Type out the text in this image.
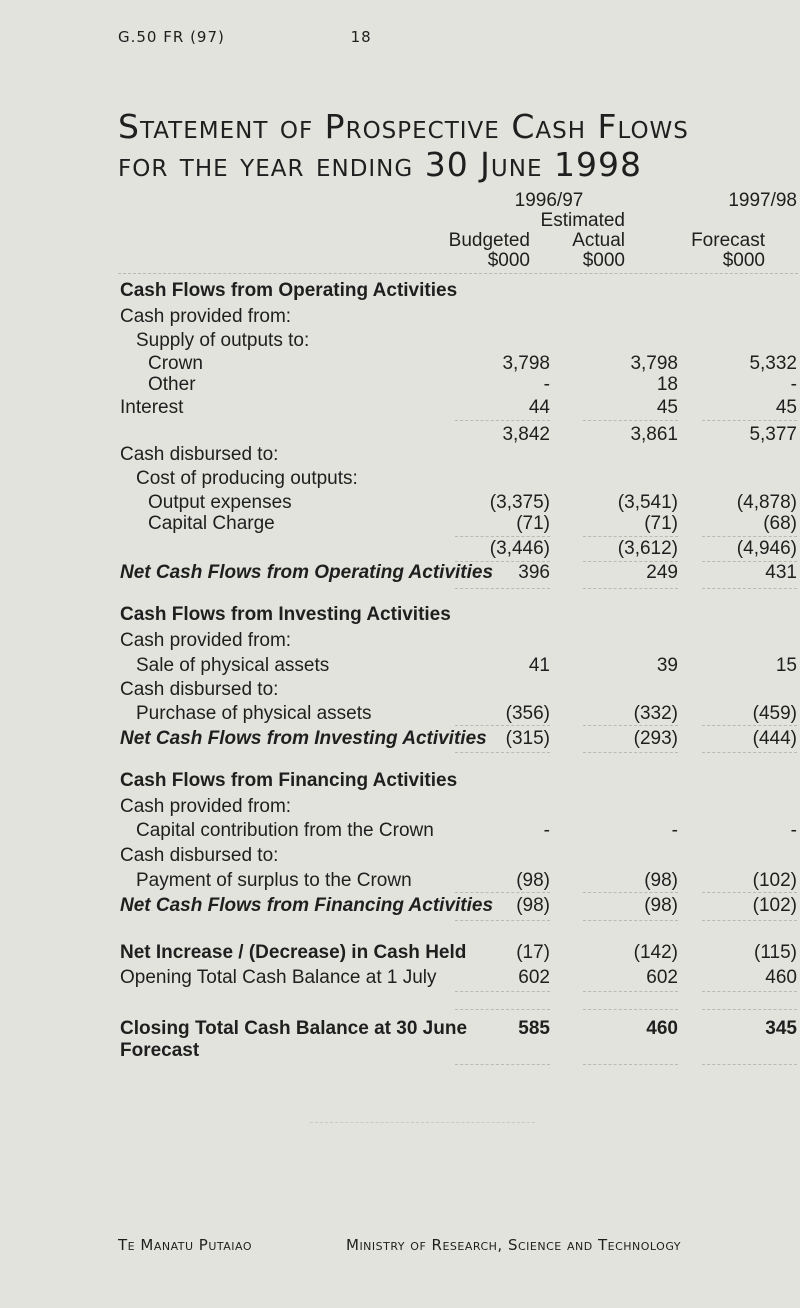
G.50 FR (97)	18
Statement of Prospective Cash Flows
for the year ending 30 June 1998
1996/97	1997/98
Estimated
Budgeted	Actual	Forecast
$000	$000	$000
Cash Flows from Operating Activities
Cash provided from:
Supply of outputs to:
Crown	3,798	3,798	5,332
Other	-	18	-
Interest	44	45	45
3,842	3,861	5,377
Cash disbursed to:
Cost of producing outputs:
Output expenses	(3,375)	(3,541)	(4,878)
Capital Charge	(71)	(71)	(68)
(3,446)	(3,612)	(4,946)
Net Cash Flows from Operating Activities	396	249	431
Cash Flows from Investing Activities
Cash provided from:
Sale of physical assets	41	39	15
Cash disbursed to:
Purchase of physical assets	(356)	(332)	(459)
Net Cash Flows from Investing Activities (315)	(293)	(444)
Cash Flows from Financing Activities
Cash provided from:
Capital contribution from the Crown	-	-	-
Cash disbursed to:
Payment of surplus to the Crown	(98)	(98)	(102)
Net Cash Flows from Financing Activities	(98)	(98)	(102)
Net Increase / (Decrease) in Cash Held	(17)	(142)	(115)
Opening Total Cash Balance at 1 July	602	602	460
Closing Total Cash Balance at 30 June	585	460	345
Forecast
Te Manatu Putaiao	Ministry of Research, Science and Technology
